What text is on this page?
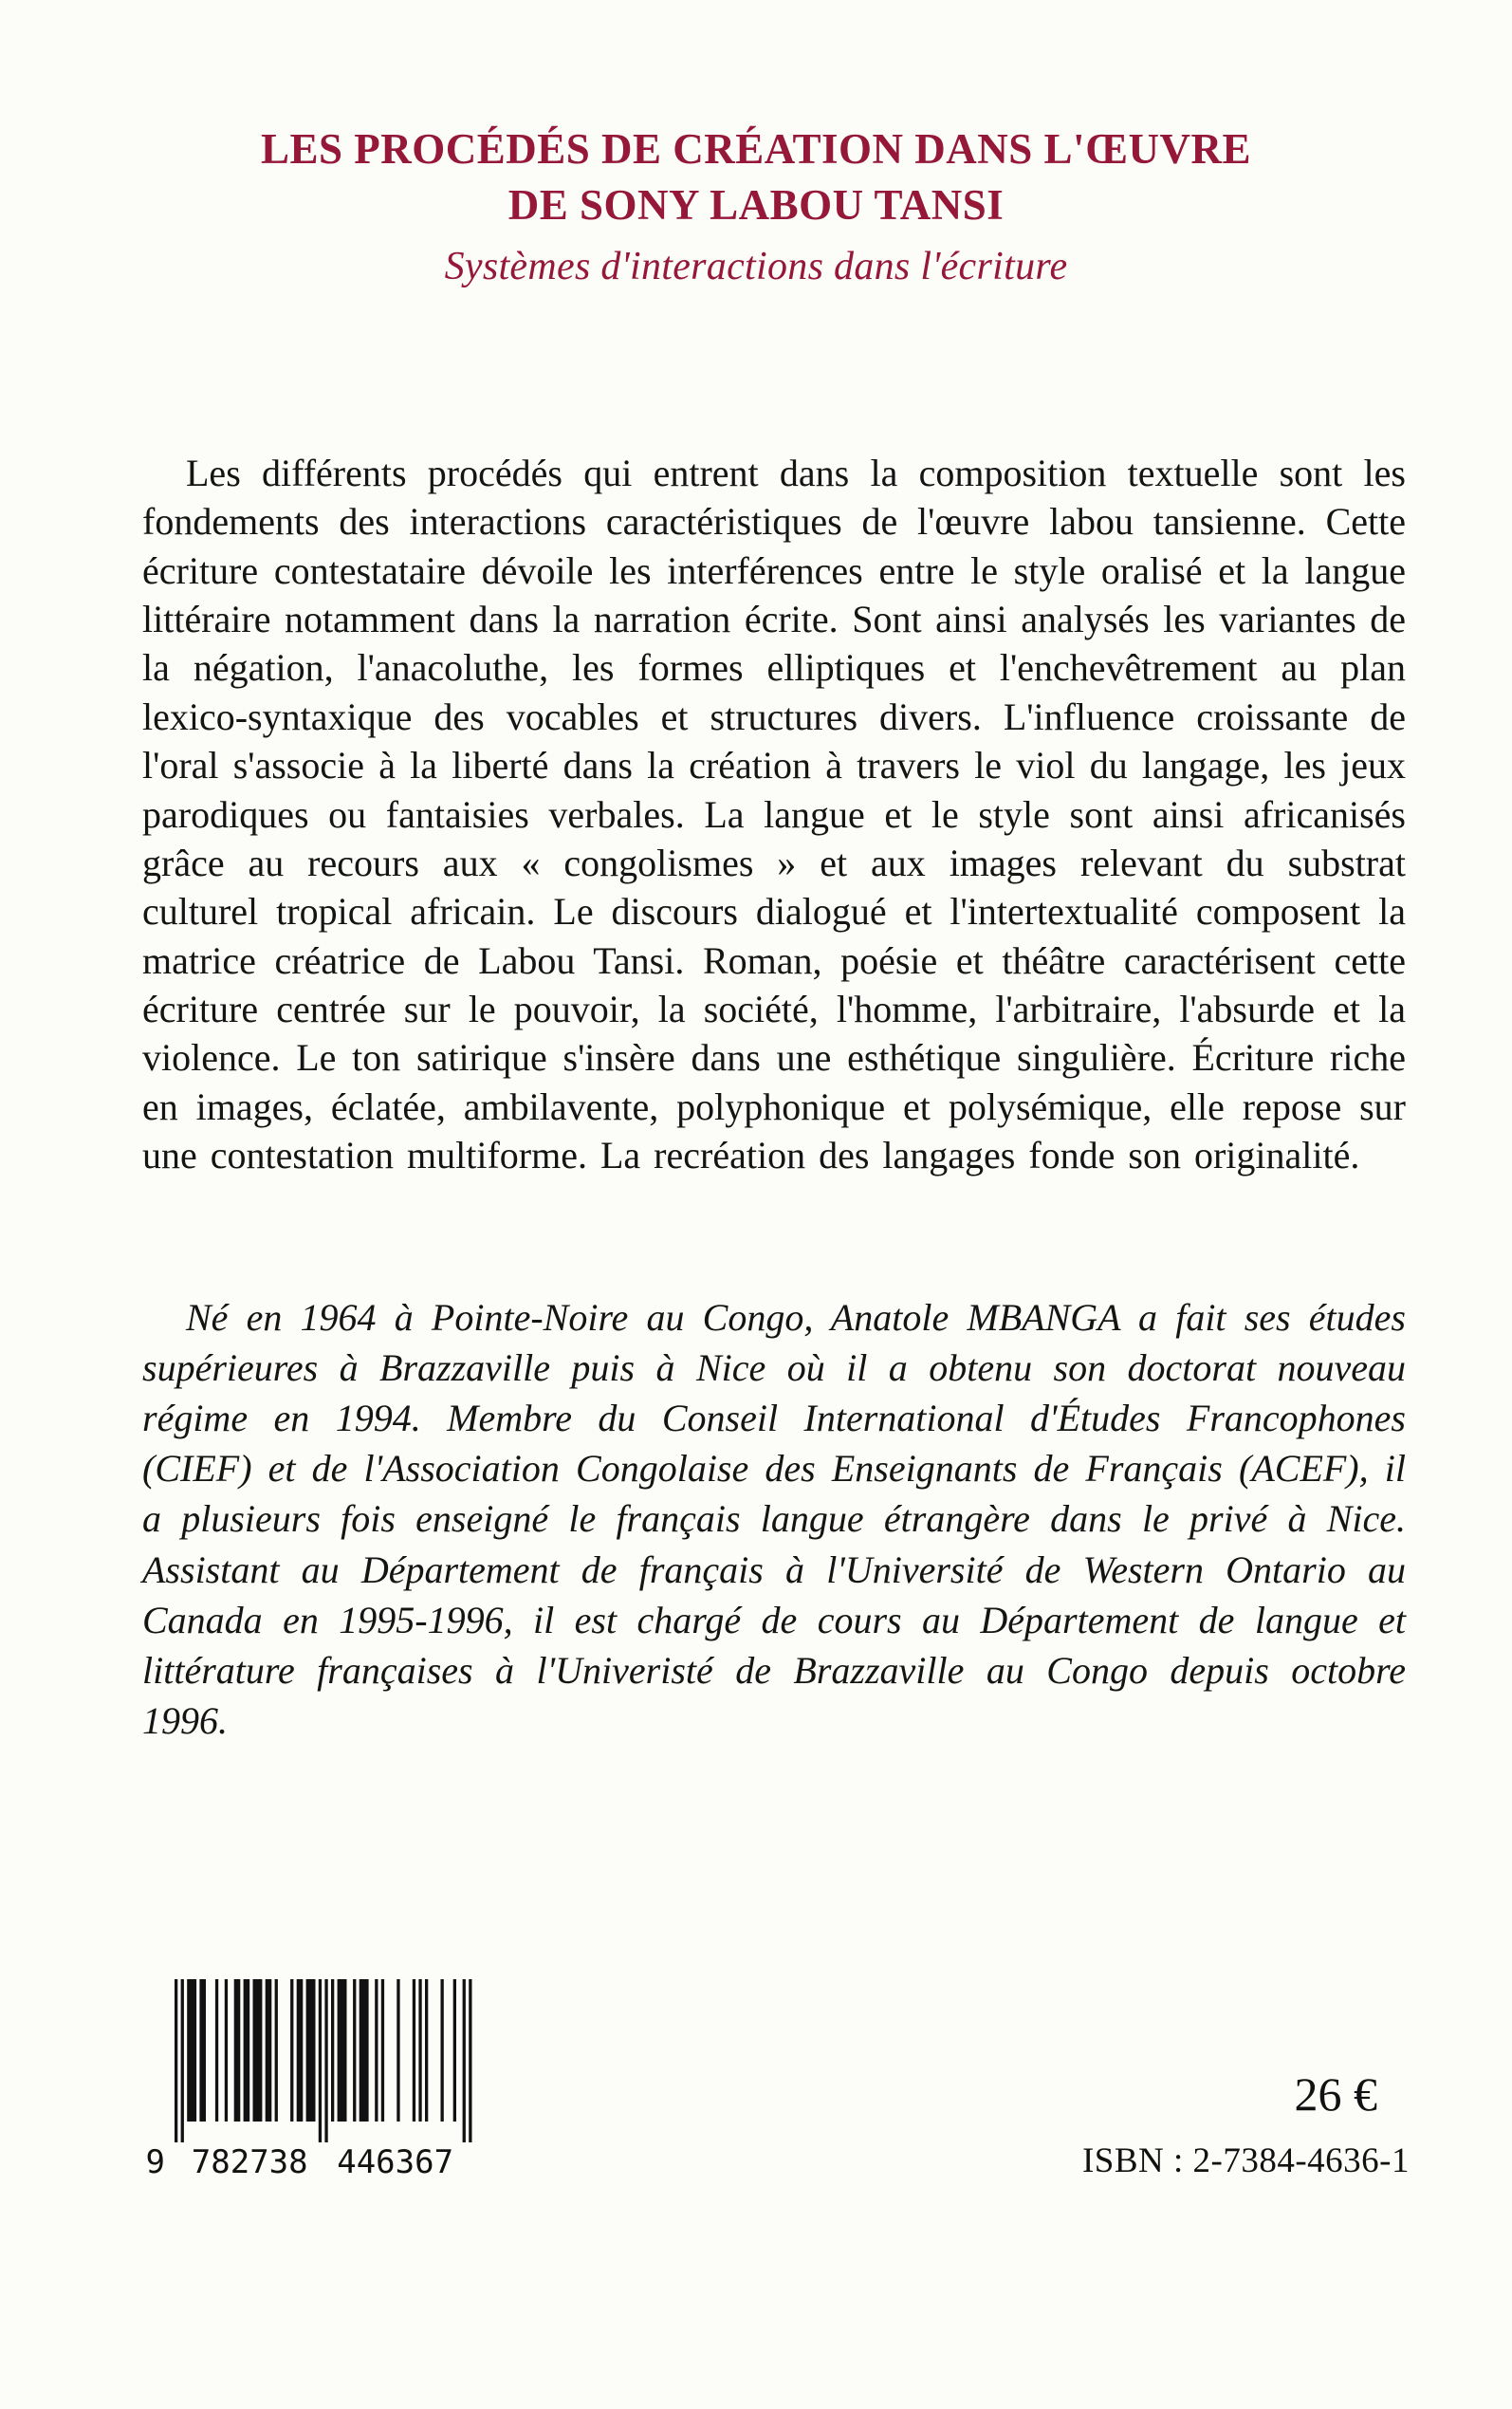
LES PROCÉDÉS DE CRÉATION DANS L'ŒUVRE
DE SONY LABOU TANSI
Systèmes d'interactions dans l'écriture

Les différents procédés qui entrent dans la composition textuelle sont les fondements des interactions caractéristiques de l'œuvre labou tansienne. Cette écriture contestataire dévoile les interférences entre le style oralisé et la langue littéraire notamment dans la narration écrite. Sont ainsi analysés les variantes de la négation, l'anacoluthe, les formes elliptiques et l'enchevêtrement au plan lexico-syntaxique des vocables et structures divers. L'influence croissante de l'oral s'associe à la liberté dans la création à travers le viol du langage, les jeux parodiques ou fantaisies verbales. La langue et le style sont ainsi africanisés grâce au recours aux « congolismes » et aux images relevant du substrat culturel tropical africain. Le discours dialogué et l'intertextualité composent la matrice créatrice de Labou Tansi. Roman, poésie et théâtre caractérisent cette écriture centrée sur le pouvoir, la société, l'homme, l'arbitraire, l'absurde et la violence. Le ton satirique s'insère dans une esthétique singulière. Écriture riche en images, éclatée, ambilavente, polyphonique et polysémique, elle repose sur une contestation multiforme. La recréation des langages fonde son originalité.

Né en 1964 à Pointe-Noire au Congo, Anatole MBANGA a fait ses études supérieures à Brazzaville puis à Nice où il a obtenu son doctorat nouveau régime en 1994. Membre du Conseil International d'Études Francophones (CIEF) et de l'Association Congolaise des Enseignants de Français (ACEF), il a plusieurs fois enseigné le français langue étrangère dans le privé à Nice. Assistant au Département de français à l'Université de Western Ontario au Canada en 1995-1996, il est chargé de cours au Département de langue et littérature françaises à l'Univeristé de Brazzaville au Congo depuis octobre 1996.

9 782738 446367
26 €
ISBN : 2-7384-4636-1
